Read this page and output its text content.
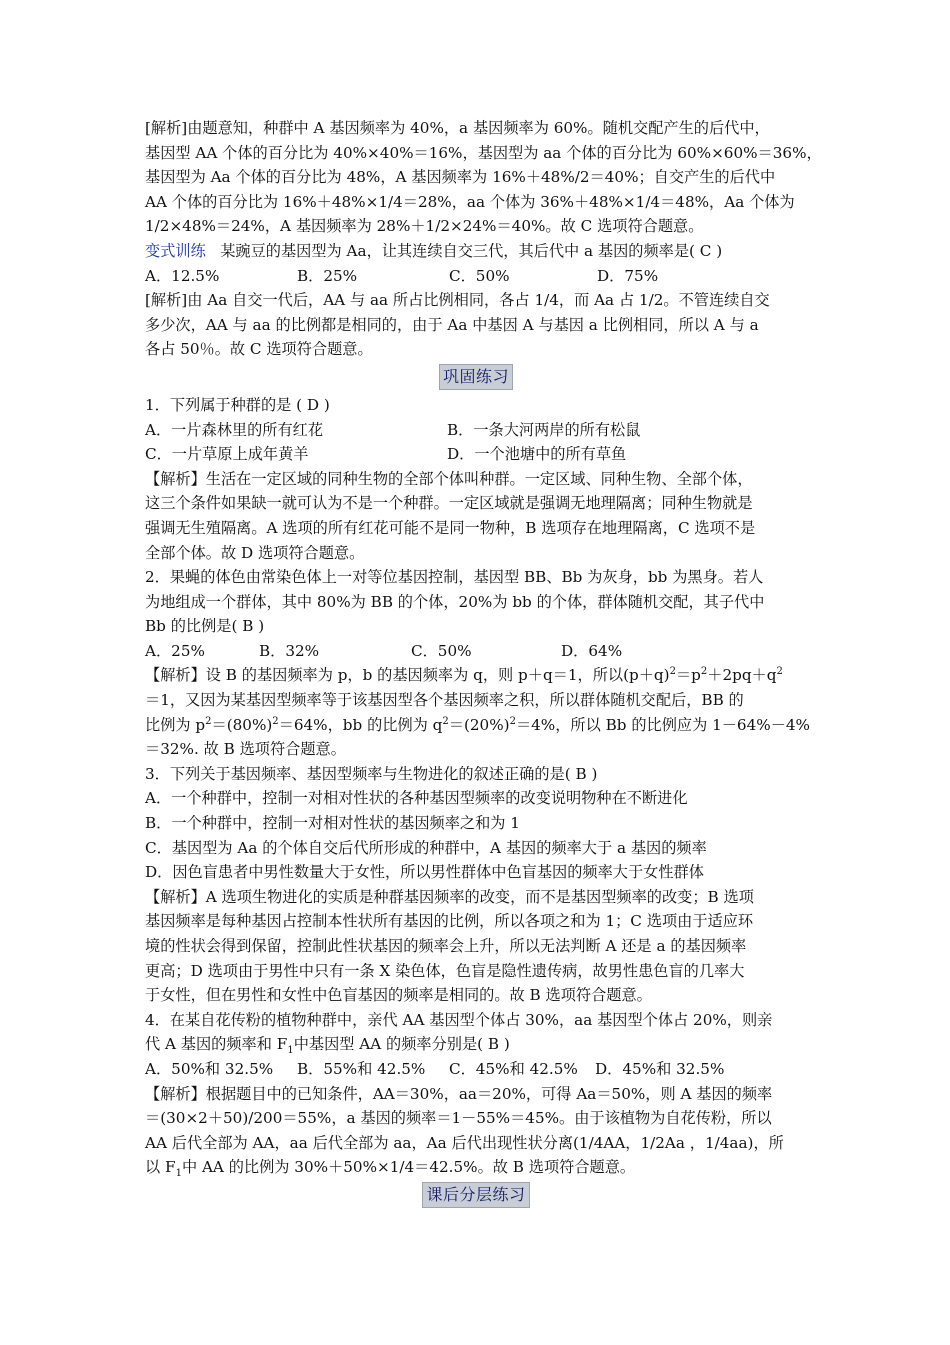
[解析]由题意知，种群中 A 基因频率为 40%，a 基因频率为 60%。随机交配产生的后代中，
基因型 AA 个体的百分比为 40%×40%＝16%，基因型为 aa 个体的百分比为 60%×60%＝36%，
基因型为 Aa 个体的百分比为 48%，A 基因频率为 16%＋48%/2＝40%；自交产生的后代中
AA 个体的百分比为 16%＋48%×1/4＝28%，aa 个体为 36%＋48%×1/4＝48%，Aa 个体为
1/2×48%＝24%，A 基因频率为 28%＋1/2×24%＝40%。故 C 选项符合题意。
变式训练 某豌豆的基因型为 Aa，让其连续自交三代，其后代中 a 基因的频率是( C )
A．12.5%	B．25%	C．50%	D．75%
[解析]由 Aa 自交一代后，AA 与 aa 所占比例相同，各占 1/4，而 Aa 占 1/2。不管连续自交
多少次，AA 与 aa 的比例都是相同的，由于 Aa 中基因 A 与基因 a 比例相同，所以 A 与 a
各占 50％。故 C 选项符合题意。
巩固练习
1．下列属于种群的是 ( D )
A．一片森林里的所有红花	B．一条大河两岸的所有松鼠
C．一片草原上成年黄羊	D．一个池塘中的所有草鱼
【解析】生活在一定区域的同种生物的全部个体叫种群。一定区域、同种生物、全部个体，
这三个条件如果缺一就可认为不是一个种群。一定区域就是强调无地理隔离；同种生物就是
强调无生殖隔离。A 选项的所有红花可能不是同一物种，B 选项存在地理隔离，C 选项不是
全部个体。故 D 选项符合题意。
2．果蝇的体色由常染色体上一对等位基因控制，基因型 BB、Bb 为灰身，bb 为黑身。若人
为地组成一个群体，其中 80%为 BB 的个体，20%为 bb 的个体，群体随机交配，其子代中
Bb 的比例是( B )
A．25%	B．32%	C．50%	D．64%
【解析】设 B 的基因频率为 p，b 的基因频率为 q，则 p＋q＝1，所以$(p+q)^2=p^2+2pq+q^2$
＝1，又因为某基因型频率等于该基因型各个基因频率之积，所以群体随机交配后，BB 的
比例为 $p^2=(80\%)^2=64\%$，bb 的比例为 $q^2=(20\%)^2=4\%$，所以 Bb 的比例应为 1－64%－4%
＝32%. 故 B 选项符合题意。
3．下列关于基因频率、基因型频率与生物进化的叙述正确的是( B )
A．一个种群中，控制一对相对性状的各种基因型频率的改变说明物种在不断进化
B．一个种群中，控制一对相对性状的基因频率之和为 1
C．基因型为 Aa 的个体自交后代所形成的种群中，A 基因的频率大于 a 基因的频率
D．因色盲患者中男性数量大于女性，所以男性群体中色盲基因的频率大于女性群体
【解析】A 选项生物进化的实质是种群基因频率的改变，而不是基因型频率的改变；B 选项
基因频率是每种基因占控制本性状所有基因的比例，所以各项之和为 1；C 选项由于适应环
境的性状会得到保留，控制此性状基因的频率会上升，所以无法判断 A 还是 a 的基因频率
更高；D 选项由于男性中只有一条 X 染色体，色盲是隐性遗传病，故男性患色盲的几率大
于女性，但在男性和女性中色盲基因的频率是相同的。故 B 选项符合题意。
4．在某自花传粉的植物种群中，亲代 AA 基因型个体占 30%，aa 基因型个体占 20%，则亲
代 A 基因的频率和 $F_1$中基因型 AA 的频率分别是( B )
A．50%和 32.5%	B．55%和 42.5%	C．45%和 42.5%	D．45%和 32.5%
【解析】根据题目中的已知条件，AA＝30%，aa＝20%，可得 Aa＝50%，则 A 基因的频率
＝(30×2＋50)/200＝55%，a 基因的频率＝1－55%＝45%。由于该植物为自花传粉，所以
AA 后代全部为 AA，aa 后代全部为 aa，Aa 后代出现性状分离(1/4AA，1/2Aa ，1/4aa)，所
以 $F_1$中 AA 的比例为 30%＋50%×1/4＝42.5%。故 B 选项符合题意。
课后分层练习
